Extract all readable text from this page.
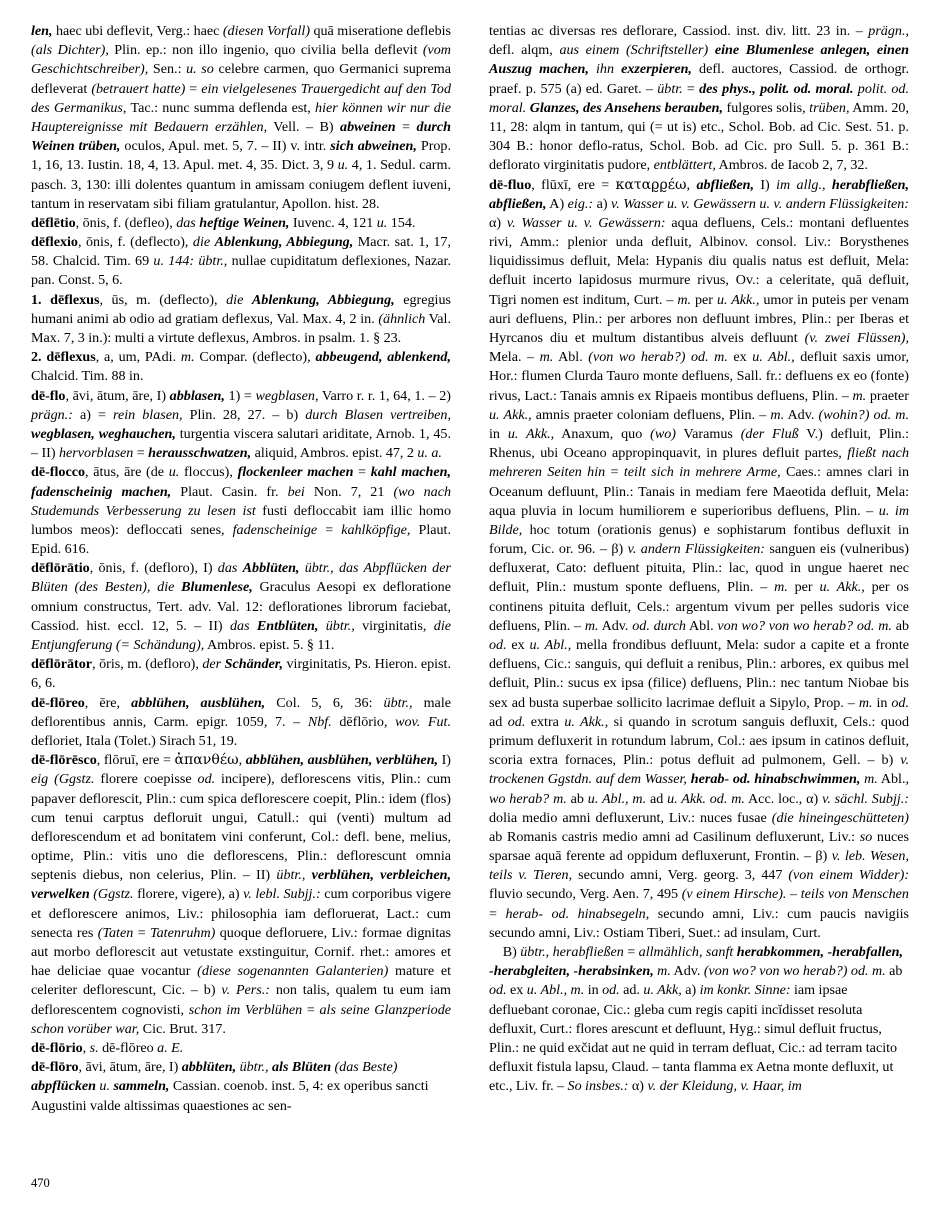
len, haec ubi deflevit, Verg.: haec (diesen Vorfall) quā miseratione deflebis (als Dichter), Plin. ep.: non illo ingenio, quo civilia bella deflevit (vom Geschichtschreiber), Sen.: u. so celebre carmen, quo Germanici suprema defleverat (betrauert hatte) = ein vielgelesenes Trauergedicht auf den Tod des Germanikus, Tac.: nunc summa deflenda est, hier können wir nur die Hauptereignisse mit Bedauern erzählen, Vell. – B) abweinen = durch Weinen trüben, oculos, Apul. met. 5, 7. – II) v. intr. sich abweinen, Prop. 1, 16, 13. Iustin. 18, 4, 13. Apul. met. 4, 35. Dict. 3, 9 u. 4, 1. Sedul. carm. pasch. 3, 130: illi dolentes quantum in amissam coniugem deflent iuveni, tantum in reservatam sibi filiam gratulantur, Apollon. hist. 28.

dēflētio, ōnis, f. (defleo), das heftige Weinen, Iuvenc. 4, 121 u. 154.

dēflexio, ōnis, f. (deflecto), die Ablenkung, Abbiegung, Macr. sat. 1, 17, 58. Chalcid. Tim. 69 u. 144: übtr., nullae cupiditatum deflexiones, Nazar. pan. Const. 5, 6.

1. dēflexus, ūs, m. (deflecto), die Ablenkung, Abbiegung, egregius humani animi ab odio ad gratiam deflexus, Val. Max. 4, 2 in. (ähnlich Val. Max. 7, 3 in.): multi a virtute deflexus, Ambros. in psalm. 1. § 23.

2. dēflexus, a, um, PAdi. m. Compar. (deflecto), abbeugend, ablenkend, Chalcid. Tim. 88 in.

dē-flo, āvi, ātum, āre, I) abblasen, 1) = wegblasen, Varro r. r. 1, 64, 1. – 2) prägn.: a) = rein blasen, Plin. 28, 27. – b) durch Blasen vertreiben, wegblasen, weghauchen, turgentia viscera salutari ariditate, Arnob. 1, 45. – II) hervorblasen = herausschwatzen, aliquid, Ambros. epist. 47, 2 u. a.

dē-flocco, ātus, āre (de u. floccus), flockenleer machen = kahl machen, fadenscheinig machen, Plaut. Casin. fr. bei Non. 7, 21 (wo nach Studemunds Verbesserung zu lesen ist fusti defloccabit iam illic homo lumbos meos): defloccati senes, fadenscheinige = kahlköpfige, Plaut. Epid. 616.

dēflōrātio, ōnis, f. (defloro), I) das Abblüten, übtr., das Abpflücken der Blüten (des Besten), die Blumenlese, Graculus Aesopi ex defloratione omnium constructus, Tert. adv. Val. 12: deflorationes librorum faciebat, Cassiod. hist. eccl. 12, 5. – II) das Entblüten, übtr., virginitatis, die Entjungferung (= Schändung), Ambros. epist. 5. § 11.

dēflōrātor, ōris, m. (defloro), der Schänder, virginitatis, Ps. Hieron. epist. 6, 6.

dē-flōreo, ēre, abblühen, ausblühen, Col. 5, 6, 36: übtr., male deflorentibus annis, Carm. epigr. 1059, 7. – Nbf. dēflōrio, wov. Fut. defloriet, Itala (Tolet.) Sirach 51, 19.

dē-flōrēsco, flōruī, ere = ἀπανθέω, abblühen, ausblühen, verblühen, I) eig (Ggstz. florere coepisse od. incipere), deflorescens vitis, Plin.: cum papaver deflorescit, Plin.: cum spica deflorescere coepit, Plin.: idem (flos) cum tenui carptus defloruit ungui, Catull.: qui (venti) multum ad deflorescendum et ad bonitatem vini conferunt, Col.: defl. bene, melius, optime, Plin.: vitis uno die deflorescens, Plin.: deflorescunt omnia septenis diebus, non celerius, Plin. – II) übtr., verblühen, verbleichen, verwelken (Ggstz. florere, vigere), a) v. lebl. Subjj.: cum corporibus vigere et deflorescere animos, Liv.: philosophia iam defloruerat, Lact.: cum senecta res (Taten = Tatenruhm) quoque defloruere, Liv.: formae dignitas aut morbo deflorescit aut vetustate exstinguitur, Cornif. rhet.: amores et hae deliciae quae vocantur (diese sogenannten Galanterien) mature et celeriter deflorescunt, Cic. – b) v. Pers.: non talis, qualem tu eum iam deflorescentem cognovisti, schon im Verblühen = als seine Glanzperiode schon vorüber war, Cic. Brut. 317.

dē-flōrio, s. dē-flōreo a. E.

dē-flōro, āvi, ātum, āre, I) abblüten, übtr., als Blüten (das Beste) abpflücken u. sammeln, Cassian. coenob. inst. 5, 4: ex operibus sancti Augustini valde altissimas quaestiones ac sen-

tentias ac diversas res deflorare, Cassiod. inst. div. litt. 23 in. – prägn., defl. alqm, aus einem (Schriftsteller) eine Blumenlese anlegen, einen Auszug machen, ihn exzerpieren, defl. auctores, Cassiod. de orthogr. praef. p. 575 (a) ed. Garet. – übtr. = des phys., polit. od. moral. polit. od. moral. Glanzes, des Ansehens berauben, fulgores solis, trüben, Amm. 20, 11, 28: alqm in tantum, qui (= ut is) etc., Schol. Bob. ad Cic. Sest. 51. p. 304 B.: honor deflo‑ratus, Schol. Bob. ad Cic. pro Sull. 5. p. 361 B.: deflorato virginitatis pudore, entblättert, Ambros. de Iacob 2, 7, 32.

dē-fluo, flūxī, ere = καταρ̮ρ̮έω, abfließen, I) im allg., herabfließen, abfließen, A) eig.: a) v. Wasser u. v. Gewässern u. v. andern Flüssigkeiten: α) v. Wasser u. v. Gewässern: aqua defluens, Cels.: montani defluentes rivi, Amm.: plenior unda defluit, Albinov. consol. Liv.: Borysthenes liquidissimus defluit, Mela: Hypanis diu qualis natus est defluit, Mela: defluit incerto lapidosus murmure rivus, Ov.: a celeritate, quā defluit, Tigri nomen est inditum, Curt. – m. per u. Akk., umor in puteis per venam auri defluens, Plin.: per arbores non defluunt imbres, Plin.: per Iberas et Hyrcanos diu et multum distantibus alveis defluunt (v. zwei Flüssen), Mela. – m. Abl. (von wo herab?) od. m. ex u. Abl., defluit saxis umor, Hor.: flumen Clurda Tauro monte defluens, Sall. fr.: defluens ex eo (fonte) rivus, Lact.: Tanais amnis ex Ripaeis montibus defluens, Plin. – m. praeter u. Akk., amnis praeter coloniam defluens, Plin. – m. Adv. (wohin?) od. m. in u. Akk., Anaxum, quo (wo) Varamus (der Fluß V.) defluit, Plin.: Rhenus, ubi Oceano appropinquavit, in plures defluit partes, fließt nach mehreren Seiten hin = teilt sich in mehrere Arme, Caes.: amnes clari in Oceanum defluunt, Plin.: Tanais in mediam fere Maeotida defluit, Mela: aqua pluvia in locum humiliorem e superioribus defluens, Plin. – u. im Bilde, hoc totum (orationis genus) e sophistarum fontibus defluxit in forum, Cic. or. 96. – β) v. andern Flüssigkeiten: sanguen eis (vulneribus) defluxerat, Cato: defluent pituita, Plin.: lac, quod in ungue haeret nec defluit, Plin.: mustum sponte defluens, Plin. – m. per u. Akk., per os continens pituita defluit, Cels.: argentum vivum per pelles sudoris vice defluens, Plin. – m. Adv. od. durch Abl. von wo? von wo herab? od. m. ab od. ex u. Abl., mella frondibus defluunt, Mela: sudor a capite et a fronte defluens, Cic.: sanguis, qui defluit a renibus, Plin.: arbores, ex quibus mel defluit, Plin.: sucus ex ipsa (filice) defluens, Plin.: nec tantum Niobae bis sex ad busta superbae sollicito lacrimae defluit a Sipylo, Prop. – m. in od. ad od. extra u. Akk., si quando in scrotum sanguis defluxit, Cels.: quod primum defluxerit in rotundum labrum, Col.: aes ipsum in catinos defluit, scoria extra fornaces, Plin.: potus defluit ad pulmonem, Gell. – b) v. trockenen Ggstdn. auf dem Wasser, herab- od. hinabschwimmen, m. Abl., wo herab? m. ab u. Abl., m. ad u. Akk. od. m. Acc. loc., α) v. sächl. Subjj.: dolia medio amni defluxerunt, Liv.: nuces fusae (die hineingeschütteten) ab Romanis castris medio amni ad Casilinum defluxerunt, Liv.: so nuces sparsae aquā ferente ad oppidum defluxerunt, Frontin. – β) v. leb. Wesen, teils v. Tieren, secundo amni, Verg. georg. 3, 447 (von einem Widder): fluvio secundo, Verg. Aen. 7, 495 (v einem Hirsche). – teils von Menschen = herab- od. hinabsegeln, secundo amni, Liv.: cum paucis navigiis secundo amni, Liv.: Ostiam Tiberi, Suet.: ad insulam, Curt.

B) übtr., herabfließen = allmählich, sanft herabkommen, -herabfallen, -herabgleiten, -herabsinken, m. Adv. (von wo? von wo herab?) od. m. ab od. ex u. Abl., m. in od. ad. u. Akk, a) im konkr. Sinne: iam ipsae defluebant coronae, Cic.: gleba cum regis capiti incĭdisset resoluta defluxit, Curt.: flores arescunt et defluunt, Hyg.: simul defluit fructus, Plin.: ne quid exčidat aut ne quid in terram defluat, Cic.: ad terram tacito defluxit fistula lapsu, Claud. – tanta flamma ex Aetna monte defluxit, ut etc., Liv. fr. – So insbes.: α) v. der Kleidung, v. Haar, im

470
